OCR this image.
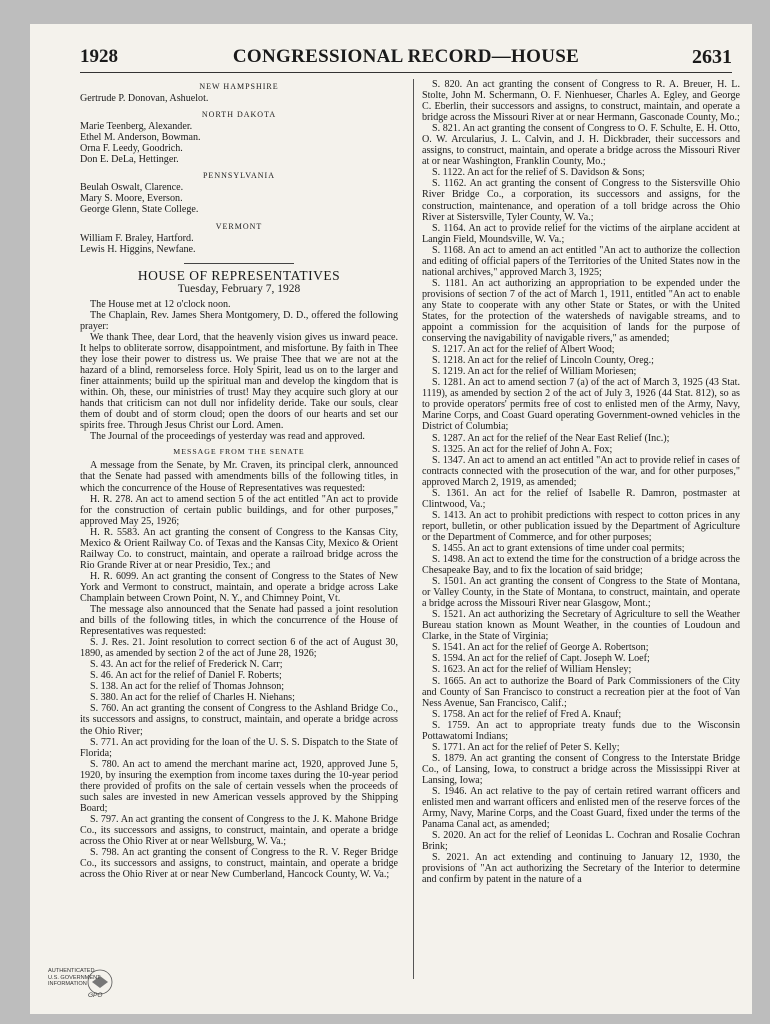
1928	CONGRESSIONAL RECORD—HOUSE	2631

NEW HAMPSHIRE

Gertrude P. Donovan, Ashuelot.

NORTH DAKOTA

Marie Teenberg, Alexander.

Ethel M. Anderson, Bowman.

Orna F. Leedy, Goodrich.

Don E. DeLa, Hettinger.

PENNSYLVANIA

Beulah Oswalt, Clarence.

Mary S. Moore, Everson.

George Glenn, State College.

VERMONT

William F. Braley, Hartford.

Lewis H. Higgins, Newfane.

HOUSE OF REPRESENTATIVES

Tuesday, February 7, 1928

The House met at 12 o'clock noon.

The Chaplain, Rev. James Shera Montgomery, D. D., offered the following prayer:

We thank Thee, dear Lord, that the heavenly vision gives us inward peace. It helps to obliterate sorrow, disappointment, and misfortune. By faith in Thee they lose their power to distress us. We praise Thee that we are not at the hazard of a blind, remorseless force. Holy Spirit, lead us on to the larger and finer attainments; build up the spiritual man and develop the kingdom that is within. Oh, these, our ministries of trust! May they acquire such glory at our hands that criticism can not dull nor infidelity deride. Take our souls, clear them of doubt and of storm cloud; open the doors of our hearts and set our spirits free. Through Jesus Christ our Lord. Amen.

The Journal of the proceedings of yesterday was read and approved.

MESSAGE FROM THE SENATE

A message from the Senate, by Mr. Craven, its principal clerk, announced that the Senate had passed with amendments bills of the following titles, in which the concurrence of the House of Representatives was requested:

H. R. 278. An act to amend section 5 of the act entitled "An act to provide for the construction of certain public buildings, and for other purposes," approved May 25, 1926;

H. R. 5583. An act granting the consent of Congress to the Kansas City, Mexico & Orient Railway Co. of Texas and the Kansas City, Mexico & Orient Railway Co. to construct, maintain, and operate a railroad bridge across the Rio Grande River at or near Presidio, Tex.; and

H. R. 6099. An act granting the consent of Congress to the States of New York and Vermont to construct, maintain, and operate a bridge across Lake Champlain between Crown Point, N. Y., and Chimney Point, Vt.

The message also announced that the Senate had passed a joint resolution and bills of the following titles, in which the concurrence of the House of Representatives was requested:

S. J. Res. 21. Joint resolution to correct section 6 of the act of August 30, 1890, as amended by section 2 of the act of June 28, 1926;

S. 43. An act for the relief of Frederick N. Carr;

S. 46. An act for the relief of Daniel F. Roberts;

S. 138. An act for the relief of Thomas Johnson;

S. 380. An act for the relief of Charles H. Niehans;

S. 760. An act granting the consent of Congress to the Ashland Bridge Co., its successors and assigns, to construct, maintain, and operate a bridge across the Ohio River;

S. 771. An act providing for the loan of the U. S. S. Dispatch to the State of Florida;

S. 780. An act to amend the merchant marine act, 1920, approved June 5, 1920, by insuring the exemption from income taxes during the 10-year period there provided of profits on the sale of certain vessels when the proceeds of such sales are invested in new American vessels approved by the Shipping Board;

S. 797. An act granting the consent of Congress to the J. K. Mahone Bridge Co., its successors and assigns, to construct, maintain, and operate a bridge across the Ohio River at or near Wellsburg, W. Va.;

S. 798. An act granting the consent of Congress to the R. V. Reger Bridge Co., its successors and assigns, to construct, maintain, and operate a bridge across the Ohio River at or near New Cumberland, Hancock County, W. Va.;

S. 820. An act granting the consent of Congress to R. A. Breuer, H. L. Stolte, John M. Schermann, O. F. Nienhueser, Charles A. Egley, and George C. Eberlin, their successors and assigns, to construct, maintain, and operate a bridge across the Missouri River at or near Hermann, Gasconade County, Mo.;

S. 821. An act granting the consent of Congress to O. F. Schulte, E. H. Otto, O. W. Arcularius, J. L. Calvin, and J. H. Dickbrader, their successors and assigns, to construct, maintain, and operate a bridge across the Missouri River at or near Washington, Franklin County, Mo.;

S. 1122. An act for the relief of S. Davidson & Sons;

S. 1162. An act granting the consent of Congress to the Sistersville Ohio River Bridge Co., a corporation, its successors and assigns, for the construction, maintenance, and operation of a toll bridge across the Ohio River at Sistersville, Tyler County, W. Va.;

S. 1164. An act to provide relief for the victims of the airplane accident at Langin Field, Moundsville, W. Va.;

S. 1168. An act to amend an act entitled "An act to authorize the collection and editing of official papers of the Territories of the United States now in the national archives," approved March 3, 1925;

S. 1181. An act authorizing an appropriation to be expended under the provisions of section 7 of the act of March 1, 1911, entitled "An act to enable any State to cooperate with any other State or States, or with the United States, for the protection of the watersheds of navigable streams, and to appoint a commission for the acquisition of lands for the purpose of conserving the navigability of navigable rivers," as amended;

S. 1217. An act for the relief of Albert Wood;

S. 1218. An act for the relief of Lincoln County, Oreg.;

S. 1219. An act for the relief of William Moriesen;

S. 1281. An act to amend section 7 (a) of the act of March 3, 1925 (43 Stat. 1119), as amended by section 2 of the act of July 3, 1926 (44 Stat. 812), so as to provide operators' permits free of cost to enlisted men of the Army, Navy, Marine Corps, and Coast Guard operating Government-owned vehicles in the District of Columbia;

S. 1287. An act for the relief of the Near East Relief (Inc.);

S. 1325. An act for the relief of John A. Fox;

S. 1347. An act to amend an act entitled "An act to provide relief in cases of contracts connected with the prosecution of the war, and for other purposes," approved March 2, 1919, as amended;

S. 1361. An act for the relief of Isabelle R. Damron, postmaster at Clintwood, Va.;

S. 1413. An act to prohibit predictions with respect to cotton prices in any report, bulletin, or other publication issued by the Department of Agriculture or the Department of Commerce, and for other purposes;

S. 1455. An act to grant extensions of time under coal permits;

S. 1498. An act to extend the time for the construction of a bridge across the Chesapeake Bay, and to fix the location of said bridge;

S. 1501. An act granting the consent of Congress to the State of Montana, or Valley County, in the State of Montana, to construct, maintain, and operate a bridge across the Missouri River near Glasgow, Mont.;

S. 1521. An act authorizing the Secretary of Agriculture to sell the Weather Bureau station known as Mount Weather, in the counties of Loudoun and Clarke, in the State of Virginia;

S. 1541. An act for the relief of George A. Robertson;

S. 1594. An act for the relief of Capt. Joseph W. Loef;

S. 1623. An act for the relief of William Hensley;

S. 1665. An act to authorize the Board of Park Commissioners of the City and County of San Francisco to construct a recreation pier at the foot of Van Ness Avenue, San Francisco, Calif.;

S. 1758. An act for the relief of Fred A. Knauf;

S. 1759. An act to appropriate treaty funds due to the Wisconsin Pottawatomi Indians;

S. 1771. An act for the relief of Peter S. Kelly;

S. 1879. An act granting the consent of Congress to the Interstate Bridge Co., of Lansing, Iowa, to construct a bridge across the Mississippi River at Lansing, Iowa;

S. 1946. An act relative to the pay of certain retired warrant officers and enlisted men and warrant officers and enlisted men of the reserve forces of the Army, Navy, Marine Corps, and the Coast Guard, fixed under the terms of the Panama Canal act, as amended;

S. 2020. An act for the relief of Leonidas L. Cochran and Rosalie Cochran Brink;

S. 2021. An act extending and continuing to January 12, 1930, the provisions of "An act authorizing the Secretary of the Interior to determine and confirm by patent in the nature of a

AUTHENTICATED
U.S. GOVERNMENT
INFORMATION
GPO
